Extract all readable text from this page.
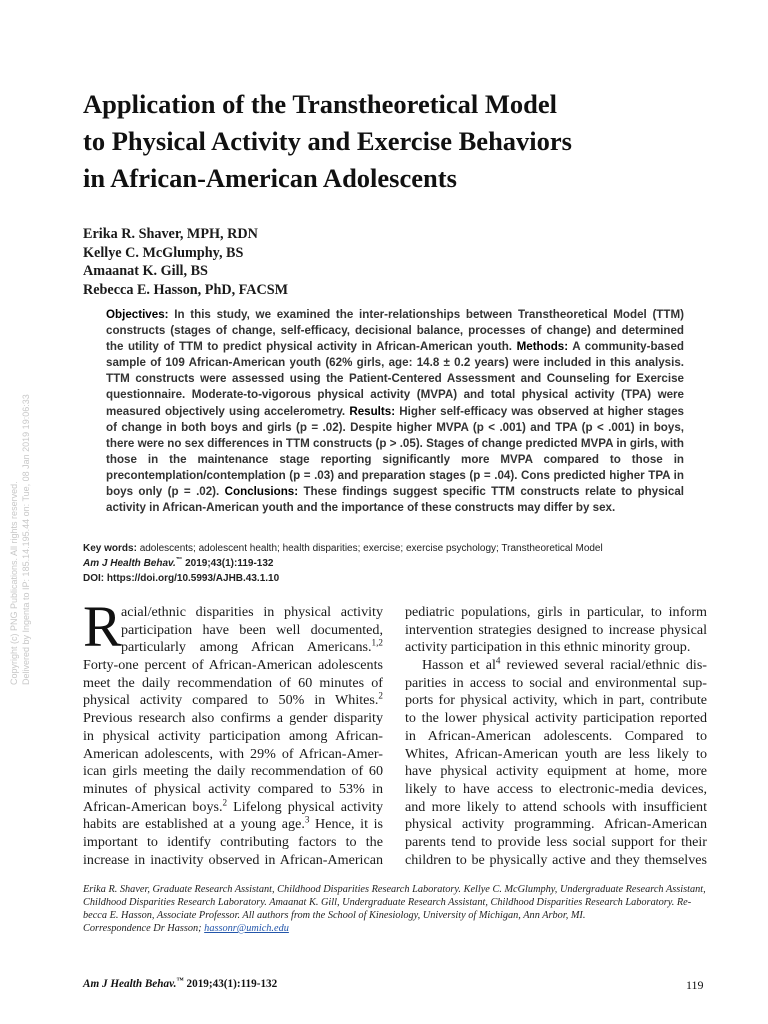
Copyright (c) PNG Publications. All rights reserved. Delivered by Ingenta to IP: 185.14.195.44 on: Tue, 08 Jan 2019 19:06:33
Application of the Transtheoretical Model
to Physical Activity and Exercise Behaviors
in African-American Adolescents
Erika R. Shaver, MPH, RDN
Kellye C. McGlumphy, BS
Amaanat K. Gill, BS
Rebecca E. Hasson, PhD, FACSM
Objectives: In this study, we examined the inter-relationships between Transtheoretical Model (TTM) constructs (stages of change, self-efficacy, decisional balance, processes of change) and determined the utility of TTM to predict physical activity in African-American youth. Methods: A community-based sample of 109 African-American youth (62% girls, age: 14.8 ± 0.2 years) were included in this analysis. TTM constructs were assessed using the Patient-Centered Assessment and Counseling for Exercise questionnaire. Moderate-to-vigorous physical activity (MVPA) and total physical activity (TPA) were measured objectively using accelerometry. Results: Higher self-efficacy was observed at higher stages of change in both boys and girls (p = .02). Despite higher MVPA (p < .001) and TPA (p < .001) in boys, there were no sex differences in TTM constructs (p > .05). Stages of change predicted MVPA in girls, with those in the maintenance stage reporting significantly more MVPA compared to those in precontemplation/contemplation (p = .03) and preparation stages (p = .04). Cons predicted higher TPA in boys only (p = .02). Conclusions: These findings suggest specific TTM constructs relate to physical activity in African-American youth and the importance of these constructs may differ by sex.
Key words: adolescents; adolescent health; health disparities; exercise; exercise psychology; Transtheoretical Model
Am J Health Behav.™ 2019;43(1):119-132
DOI: https://doi.org/10.5993/AJHB.43.1.10
R acial/ethnic disparities in physical activity
participation have been well documented,
particularly among African Americans.$^{1,2}$
Forty-one percent of African-American adolescents
meet the daily recommendation of 60 minutes of
physical activity compared to 50% in Whites.$^2$
Previous research also confirms a gender disparity
in physical activity participation among African-
American adolescents, with 29% of African-Amer-
ican girls meeting the daily recommendation of 60
minutes of physical activity compared to 53% in
African-American boys.$^2$ Lifelong physical activity
habits are established at a young age.$^3$ Hence, it is
important to identify contributing factors to the
increase in inactivity observed in African-American
pediatric populations, girls in particular, to inform
intervention strategies designed to increase physical
activity participation in this ethnic minority group.
Hasson et $al^4$ reviewed several racial/ethnic dis-
parities in access to social and environmental sup-
ports for physical activity, which in part, contribute
to the lower physical activity participation reported
in African-American adolescents. Compared to
Whites, African-American youth are less likely to
have physical activity equipment at home, more
likely to have access to electronic-media devices,
and more likely to attend schools with insufficient
physical activity programming. African-American
parents tend to provide less social support for their
children to be physically active and they themselves
Erika R. Shaver, Graduate Research Assistant, Childhood Disparities Research Laboratory. Kellye C. McGlumphy, Undergraduate Research Assistant,
Childhood Disparities Research Laboratory. Amaanat K. Gill, Undergraduate Research Assistant, Childhood Disparities Research Laboratory. Re-
becca E. Hasson, Associate Professor. All authors from the School of Kinesiology, University of Michigan, Ann Arbor, MI.
Correspondence Dr Hasson; hassonr@umich.edu
Am J Health Behav.™ 2019;43(1):119-132	119
